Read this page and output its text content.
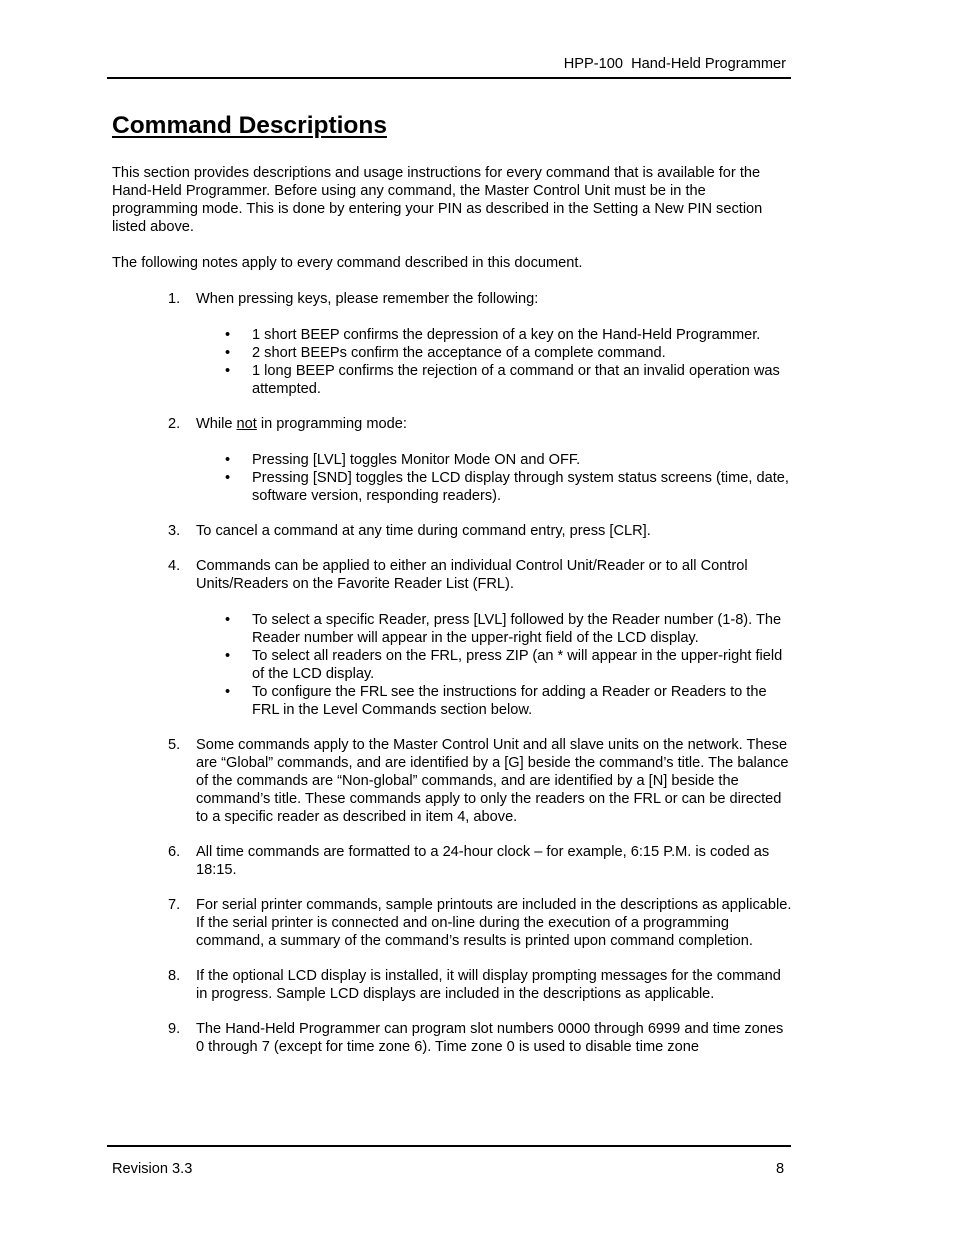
HPP-100  Hand-Held Programmer
Command Descriptions

This section provides descriptions and usage instructions for every command that is available for the Hand-Held Programmer. Before using any command, the Master Control Unit must be in the programming mode. This is done by entering your PIN as described in the Setting a New PIN section listed above.

The following notes apply to every command described in this document.

1. When pressing keys, please remember the following:
• 1 short BEEP confirms the depression of a key on the Hand-Held Programmer.
• 2 short BEEPs confirm the acceptance of a complete command.
• 1 long BEEP confirms the rejection of a command or that an invalid operation was attempted.
2. While not in programming mode:
• Pressing [LVL] toggles Monitor Mode ON and OFF.
• Pressing [SND] toggles the LCD display through system status screens (time, date, software version, responding readers).
3. To cancel a command at any time during command entry, press [CLR].
4. Commands can be applied to either an individual Control Unit/Reader or to all Control Units/Readers on the Favorite Reader List (FRL).
• To select a specific Reader, press [LVL] followed by the Reader number (1-8). The Reader number will appear in the upper-right field of the LCD display.
• To select all readers on the FRL, press ZIP (an * will appear in the upper-right field of the LCD display.
• To configure the FRL see the instructions for adding a Reader or Readers to the FRL in the Level Commands section below.
5. Some commands apply to the Master Control Unit and all slave units on the network. These are “Global” commands, and are identified by a [G] beside the command’s title. The balance of the commands are “Non-global” commands, and are identified by a [N] beside the command’s title. These commands apply to only the readers on the FRL or can be directed to a specific reader as described in item 4, above.
6. All time commands are formatted to a 24-hour clock – for example, 6:15 P.M. is coded as 18:15.
7. For serial printer commands, sample printouts are included in the descriptions as applicable. If the serial printer is connected and on-line during the execution of a programming command, a summary of the command’s results is printed upon command completion.
8. If the optional LCD display is installed, it will display prompting messages for the command in progress. Sample LCD displays are included in the descriptions as applicable.
9. The Hand-Held Programmer can program slot numbers 0000 through 6999 and time zones 0 through 7 (except for time zone 6). Time zone 0 is used to disable time zone
Revision 3.3	8
